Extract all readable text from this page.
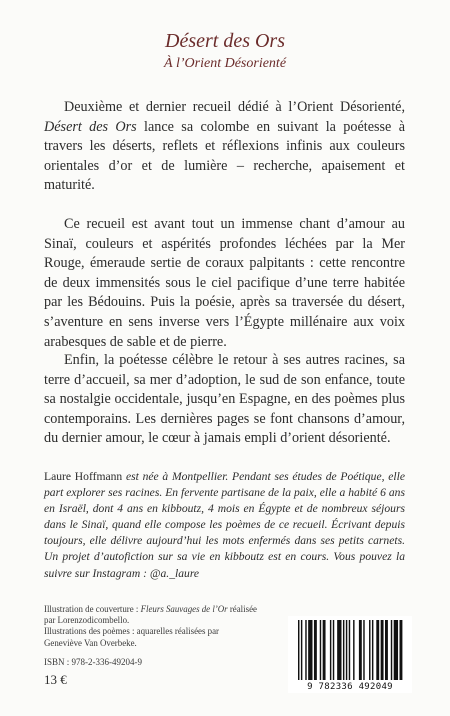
Désert des Ors
À l’Orient Désorienté

Deuxième et dernier recueil dédié à l’Orient Désorienté, Désert des Ors lance sa colombe en suivant la poétesse à travers les déserts, reflets et réflexions infinis aux couleurs orientales d’or et de lumière – recherche, apaisement et maturité.

Ce recueil est avant tout un immense chant d’amour au Sinaï, couleurs et aspérités profondes léchées par la Mer Rouge, émeraude sertie de coraux palpitants : cette rencontre de deux immensités sous le ciel pacifique d’une terre habitée par les Bédouins. Puis la poésie, après sa traversée du désert, s’aventure en sens inverse vers l’Égypte millénaire aux voix arabesques de sable et de pierre.

Enfin, la poétesse célèbre le retour à ses autres racines, sa terre d’accueil, sa mer d’adoption, le sud de son enfance, toute sa nostalgie occidentale, jusqu’en Espagne, en des poèmes plus contemporains. Les dernières pages se font chansons d’amour, du dernier amour, le cœur à jamais empli d’orient désorienté.

Laure Hoffmann est née à Montpellier. Pendant ses études de Poétique, elle part explorer ses racines. En fervente partisane de la paix, elle a habité 6 ans en Israël, dont 4 ans en kibboutz, 4 mois en Égypte et de nombreux séjours dans le Sinaï, quand elle compose les poèmes de ce recueil. Écrivant depuis toujours, elle délivre aujourd’hui les mots enfermés dans ses petits carnets. Un projet d’autofiction sur sa vie en kibboutz est en cours. Vous pouvez la suivre sur Instagram : @a._laure

Illustration de couverture : Fleurs Sauvages de l’Or réalisée par Lorenzodicombello.
Illustrations des poèmes : aquarelles réalisées par Geneviève Van Overbeke.

ISBN : 978-2-336-49204-9

13 €	9 782336 492049
